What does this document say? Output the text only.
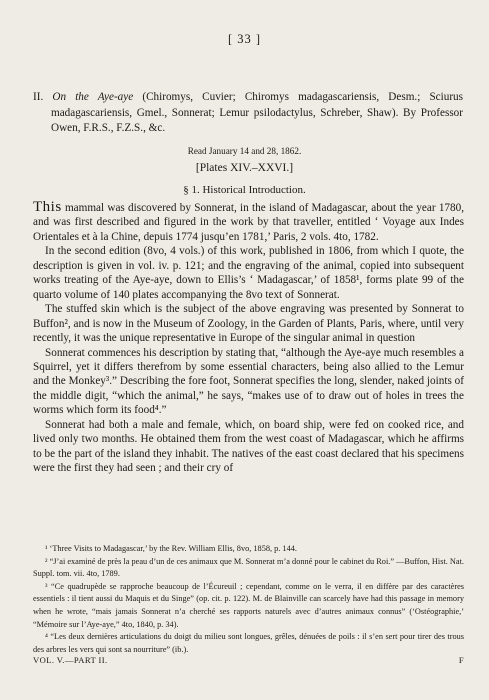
[ 33 ]
II. On the Aye-aye (Chiromys, Cuvier; Chiromys madagascariensis, Desm.; Sciurus madagascariensis, Gmel., Sonnerat; Lemur psilodactylus, Schreber, Shaw). By Professor Owen, F.R.S., F.Z.S., &c.
Read January 14 and 28, 1862.
[Plates XIV.–XXVI.]
§ 1. Historical Introduction.

This mammal was discovered by Sonnerat, in the island of Madagascar, about the year 1780, and was first described and figured in the work by that traveller, entitled ‘ Voyage aux Indes Orientales et à la Chine, depuis 1774 jusqu’en 1781,’ Paris, 2 vols. 4to, 1782.

In the second edition (8vo, 4 vols.) of this work, published in 1806, from which I quote, the description is given in vol. iv. p. 121; and the engraving of the animal, copied into subsequent works treating of the Aye-aye, down to Ellis’s ‘ Madagascar,’ of 1858¹, forms plate 99 of the quarto volume of 140 plates accompanying the 8vo text of Sonnerat.

The stuffed skin which is the subject of the above engraving was presented by Sonnerat to Buffon², and is now in the Museum of Zoology, in the Garden of Plants, Paris, where, until very recently, it was the unique representative in Europe of the singular animal in question

Sonnerat commences his description by stating that, “although the Aye-aye much resembles a Squirrel, yet it differs therefrom by some essential characters, being also allied to the Lemur and the Monkey³.” Describing the fore foot, Sonnerat specifies the long, slender, naked joints of the middle digit, “which the animal,” he says, “makes use of to draw out of holes in trees the worms which form its food⁴.”

Sonnerat had both a male and female, which, on board ship, were fed on cooked rice, and lived only two months. He obtained them from the west coast of Madagascar, which he affirms to be the part of the island they inhabit. The natives of the east coast declared that his specimens were the first they had seen ; and their cry of

¹ ‘Three Visits to Madagascar,’ by the Rev. William Ellis, 8vo, 1858, p. 144.

² “J’ai examiné de près la peau d’un de ces animaux que M. Sonnerat m’a donné pour le cabinet du Roi.” —Buffon, Hist. Nat. Suppl. tom. vii. 4to, 1789.

³ “Ce quadrupède se rapproche beaucoup de l’Écureuil ; cependant, comme on le verra, il en diffère par des caractères essentiels : il tient aussi du Maquis et du Singe” (op. cit. p. 122). M. de Blainville can scarcely have had this passage in memory when he wrote, “mais jamais Sonnerat n’a cherché ses rapports naturels avec d’autres animaux connus” (‘Ostéographie,’ “Mémoire sur l’Aye-aye,” 4to, 1840, p. 34).

⁴ “Les deux dernières articulations du doigt du milieu sont longues, grêles, dénuées de poils : il s’en sert pour tirer des trous des arbres les vers qui sont sa nourriture” (ib.).

VOL. V.—PART II.	F
